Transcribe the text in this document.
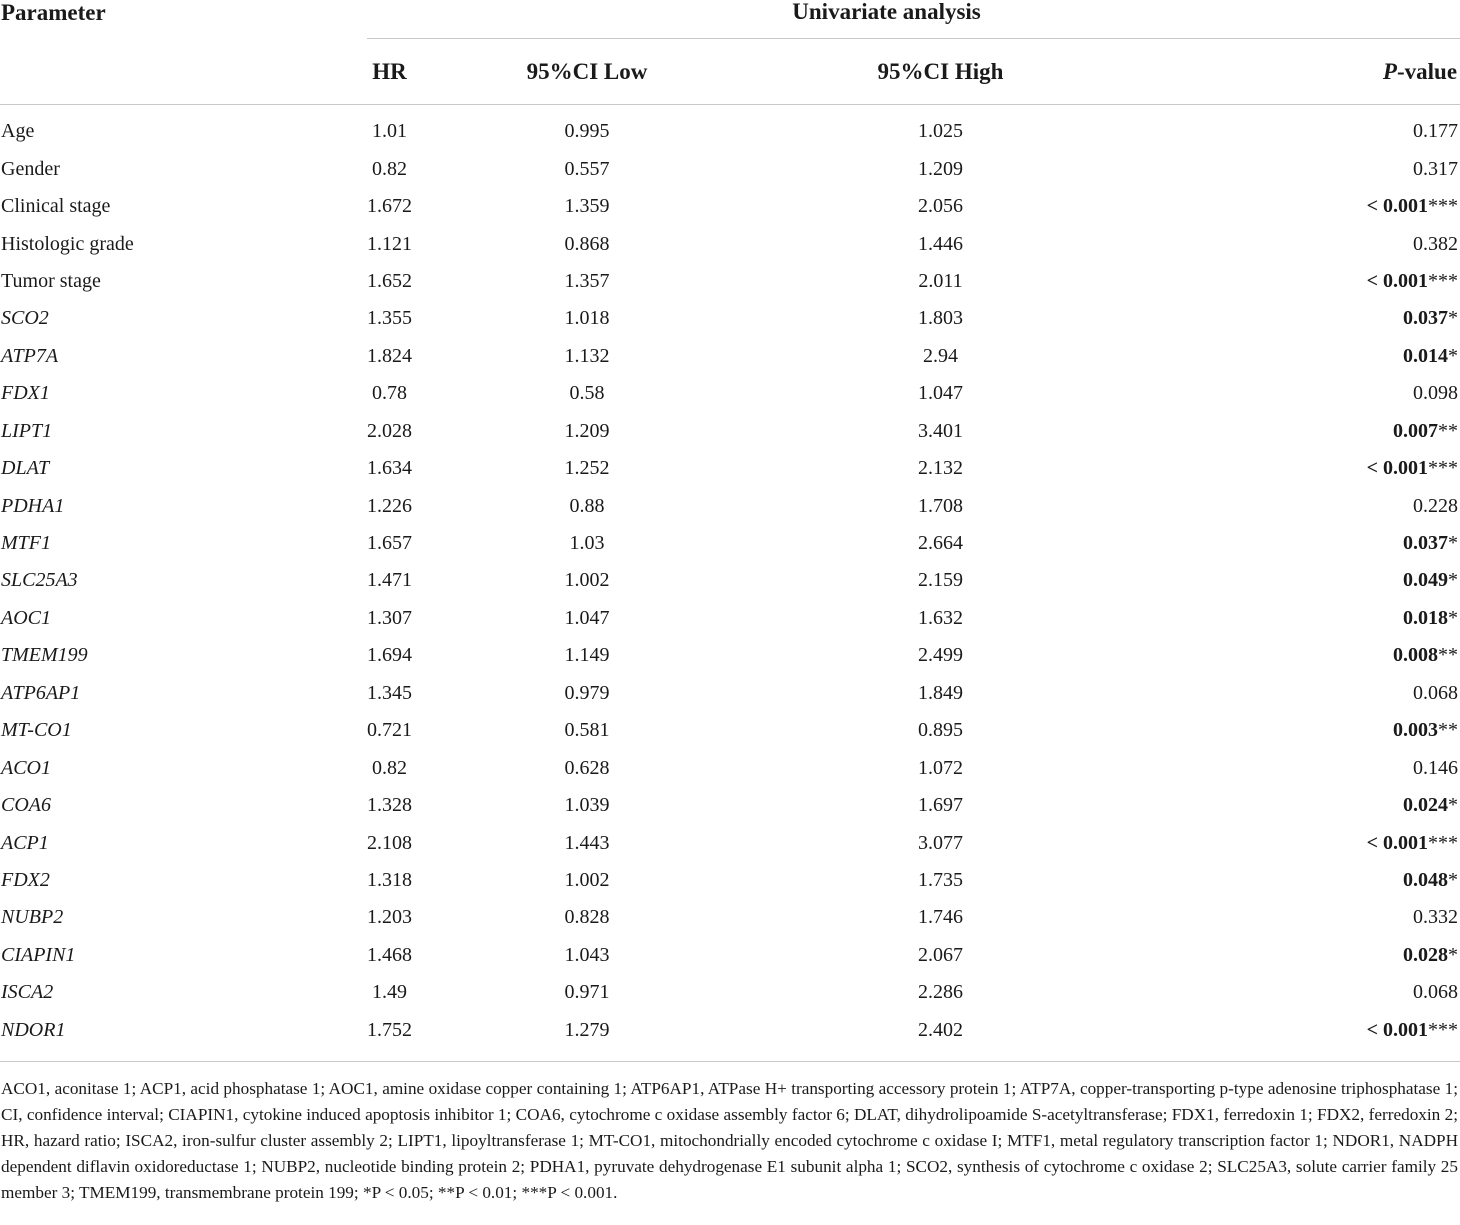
Parameter	Univariate analysis			
	HR	95%CI Low	95%CI High	P-value
Age	1.01	0.995	1.025	0.177
Gender	0.82	0.557	1.209	0.317
Clinical stage	1.672	1.359	2.056	< 0.001***
Histologic grade	1.121	0.868	1.446	0.382
Tumor stage	1.652	1.357	2.011	< 0.001***
SCO2	1.355	1.018	1.803	0.037*
ATP7A	1.824	1.132	2.94	0.014*
FDX1	0.78	0.58	1.047	0.098
LIPT1	2.028	1.209	3.401	0.007**
DLAT	1.634	1.252	2.132	< 0.001***
PDHA1	1.226	0.88	1.708	0.228
MTF1	1.657	1.03	2.664	0.037*
SLC25A3	1.471	1.002	2.159	0.049*
AOC1	1.307	1.047	1.632	0.018*
TMEM199	1.694	1.149	2.499	0.008**
ATP6AP1	1.345	0.979	1.849	0.068
MT-CO1	0.721	0.581	0.895	0.003**
ACO1	0.82	0.628	1.072	0.146
COA6	1.328	1.039	1.697	0.024*
ACP1	2.108	1.443	3.077	< 0.001***
FDX2	1.318	1.002	1.735	0.048*
NUBP2	1.203	0.828	1.746	0.332
CIAPIN1	1.468	1.043	2.067	0.028*
ISCA2	1.49	0.971	2.286	0.068
NDOR1	1.752	1.279	2.402	< 0.001***
ACO1, aconitase 1; ACP1, acid phosphatase 1; AOC1, amine oxidase copper containing 1; ATP6AP1, ATPase H+ transporting accessory protein 1; ATP7A, copper-transporting p-type adenosine triphosphatase 1; CI, confidence interval; CIAPIN1, cytokine induced apoptosis inhibitor 1; COA6, cytochrome c oxidase assembly factor 6; DLAT, dihydrolipoamide S-acetyltransferase; FDX1, ferredoxin 1; FDX2, ferredoxin 2; HR, hazard ratio; ISCA2, iron-sulfur cluster assembly 2; LIPT1, lipoyltransferase 1; MT-CO1, mitochondrially encoded cytochrome c oxidase I; MTF1, metal regulatory transcription factor 1; NDOR1, NADPH dependent diflavin oxidoreductase 1; NUBP2, nucleotide binding protein 2; PDHA1, pyruvate dehydrogenase E1 subunit alpha 1; SCO2, synthesis of cytochrome c oxidase 2; SLC25A3, solute carrier family 25 member 3; TMEM199, transmembrane protein 199; *P < 0.05; **P < 0.01; ***P < 0.001.
